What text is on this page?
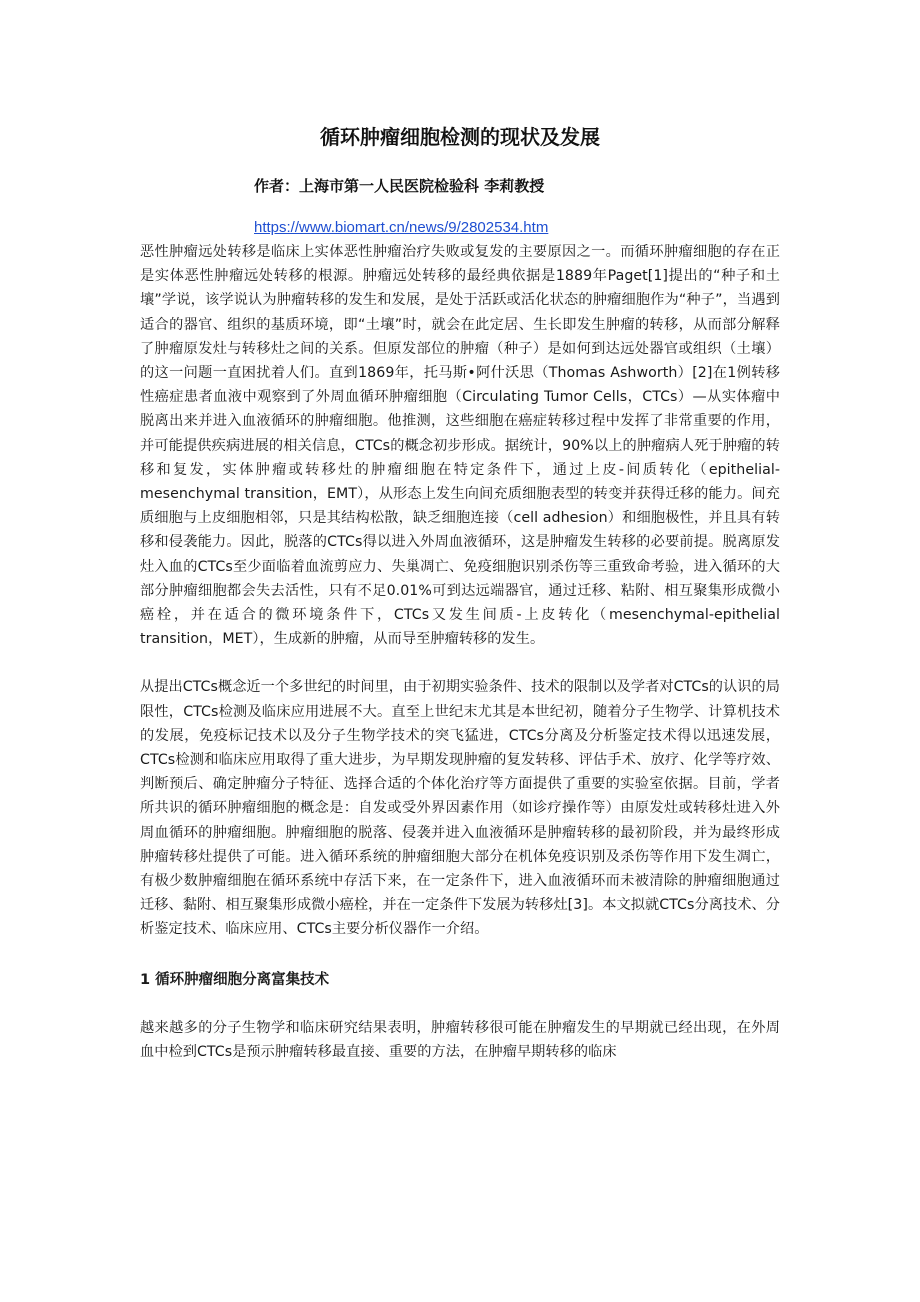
循环肿瘤细胞检测的现状及发展
作者：上海市第一人民医院检验科 李莉教授
https://www.biomart.cn/news/9/2802534.htm

恶性肿瘤远处转移是临床上实体恶性肿瘤治疗失败或复发的主要原因之一。而循环肿瘤细胞的存在正是实体恶性肿瘤远处转移的根源。肿瘤远处转移的最经典依据是1889年Paget[1]提出的“种子和土壤”学说，该学说认为肿瘤转移的发生和发展，是处于活跃或活化状态的肿瘤细胞作为“种子”，当遇到适合的器官、组织的基质环境，即“土壤”时，就会在此定居、生长即发生肿瘤的转移，从而部分解释了肿瘤原发灶与转移灶之间的关系。但原发部位的肿瘤（种子）是如何到达远处器官或组织（土壤）的这一问题一直困扰着人们。直到1869年，托马斯•阿什沃思（Thomas Ashworth）[2]在1例转移性癌症患者血液中观察到了外周血循环肿瘤细胞（Circulating Tumor Cells，CTCs）—从实体瘤中脱离出来并进入血液循环的肿瘤细胞。他推测，这些细胞在癌症转移过程中发挥了非常重要的作用，并可能提供疾病进展的相关信息，CTCs的概念初步形成。据统计，90%以上的肿瘤病人死于肿瘤的转移和复发，实体肿瘤或转移灶的肿瘤细胞在特定条件下，通过上皮-间质转化（epithelial-mesenchymal transition，EMT），从形态上发生向间充质细胞表型的转变并获得迁移的能力。间充质细胞与上皮细胞相邻，只是其结构松散，缺乏细胞连接（cell adhesion）和细胞极性，并且具有转移和侵袭能力。因此，脱落的CTCs得以进入外周血液循环，这是肿瘤发生转移的必要前提。脱离原发灶入血的CTCs至少面临着血流剪应力、失巢凋亡、免疫细胞识别杀伤等三重致命考验，进入循环的大部分肿瘤细胞都会失去活性，只有不足0.01%可到达远端器官，通过迁移、粘附、相互聚集形成微小癌栓，并在适合的微环境条件下，CTCs又发生间质-上皮转化（mesenchymal-epithelial transition，MET），生成新的肿瘤，从而导至肿瘤转移的发生。

从提出CTCs概念近一个多世纪的时间里，由于初期实验条件、技术的限制以及学者对CTCs的认识的局限性，CTCs检测及临床应用进展不大。直至上世纪末尤其是本世纪初，随着分子生物学、计算机技术的发展，免疫标记技术以及分子生物学技术的突飞猛进，CTCs分离及分析鉴定技术得以迅速发展，CTCs检测和临床应用取得了重大进步，为早期发现肿瘤的复发转移、评估手术、放疗、化学等疗效、判断预后、确定肿瘤分子特征、选择合适的个体化治疗等方面提供了重要的实验室依据。目前，学者所共识的循环肿瘤细胞的概念是：自发或受外界因素作用（如诊疗操作等）由原发灶或转移灶进入外周血循环的肿瘤细胞。肿瘤细胞的脱落、侵袭并进入血液循环是肿瘤转移的最初阶段，并为最终形成肿瘤转移灶提供了可能。进入循环系统的肿瘤细胞大部分在机体免疫识别及杀伤等作用下发生凋亡，有极少数肿瘤细胞在循环系统中存活下来，在一定条件下，进入血液循环而未被清除的肿瘤细胞通过迁移、黏附、相互聚集形成微小癌栓，并在一定条件下发展为转移灶[3]。本文拟就CTCs分离技术、分析鉴定技术、临床应用、CTCs主要分析仪器作一介绍。

1 循环肿瘤细胞分离富集技术

越来越多的分子生物学和临床研究结果表明，肿瘤转移很可能在肿瘤发生的早期就已经出现，在外周血中检到CTCs是预示肿瘤转移最直接、重要的方法，在肿瘤早期转移的临床
